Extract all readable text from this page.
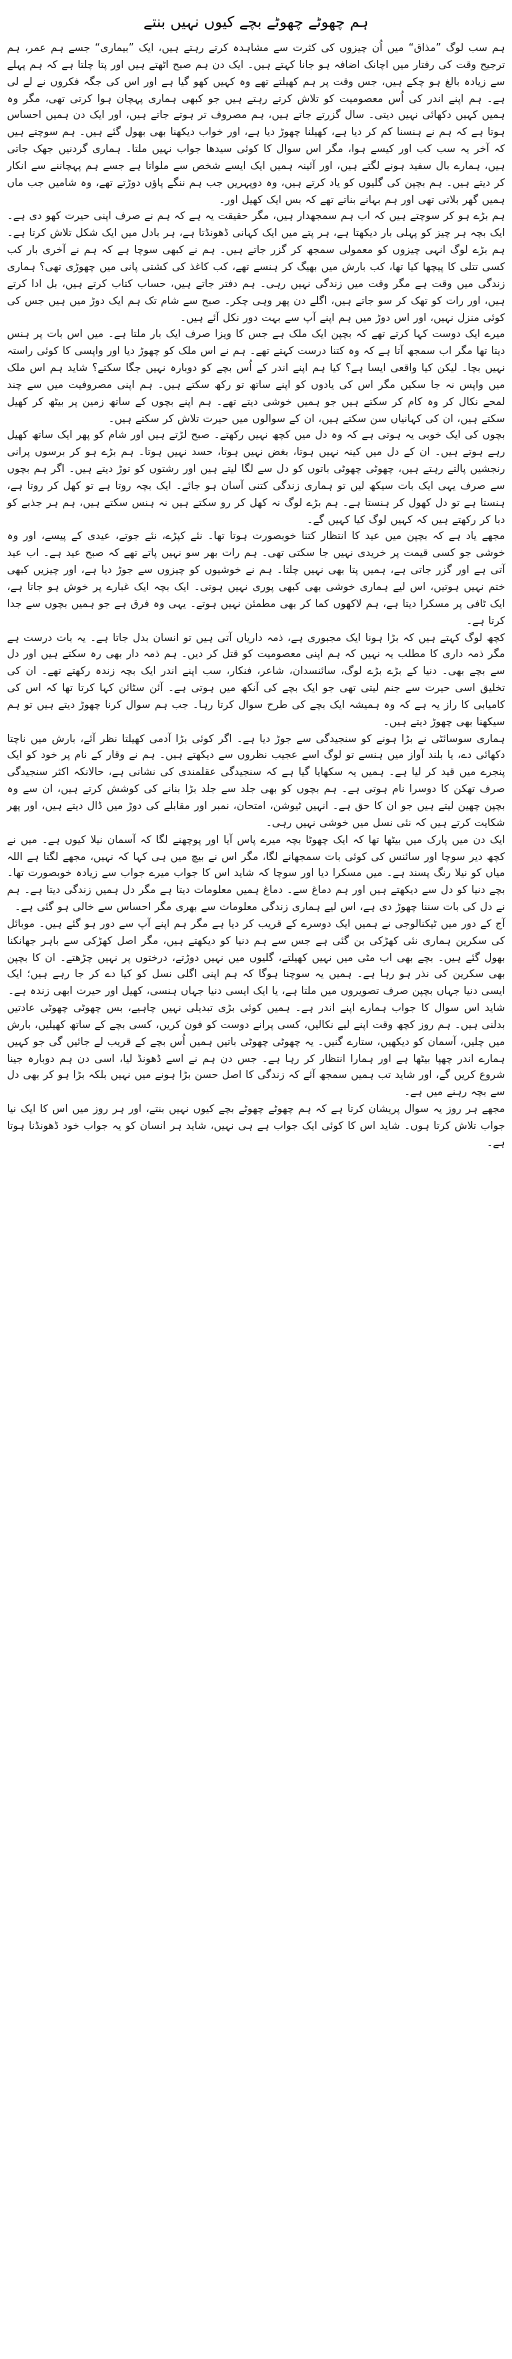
ہم چھوٹے چھوٹے بچے کیوں نہیں بنتے

ہم سب لوگ ”مذاق“ میں اُن چیزوں کی کثرت سے مشاہدہ کرتے رہتے ہیں، ایک ”بیماری“ جسے ہم عمر، ہم ترجیح وقت کی رفتار میں اچانک اضافہ ہو جانا کہتے ہیں۔ ایک دن ہم صبح اٹھتے ہیں اور پتا چلتا ہے کہ ہم پہلے سے زیادہ بالغ ہو چکے ہیں، جس وقت پر ہم کھیلتے تھے وہ کہیں کھو گیا ہے اور اس کی جگہ فکروں نے لے لی ہے۔ ہم اپنے اندر کی اُس معصومیت کو تلاش کرتے رہتے ہیں جو کبھی ہماری پہچان ہوا کرتی تھی، مگر وہ ہمیں کہیں دکھائی نہیں دیتی۔ سال گزرتے جاتے ہیں، ہم مصروف تر ہوتے جاتے ہیں، اور ایک دن ہمیں احساس ہوتا ہے کہ ہم نے ہنسنا کم کر دیا ہے، کھیلنا چھوڑ دیا ہے، اور خواب دیکھنا بھی بھول گئے ہیں۔ ہم سوچتے ہیں کہ آخر یہ سب کب اور کیسے ہوا، مگر اس سوال کا کوئی سیدھا جواب نہیں ملتا۔ ہماری گردنیں جھک جاتی ہیں، ہمارے بال سفید ہونے لگتے ہیں، اور آئینہ ہمیں ایک ایسے شخص سے ملواتا ہے جسے ہم پہچاننے سے انکار کر دیتے ہیں۔ ہم بچپن کی گلیوں کو یاد کرتے ہیں، وہ دوپہریں جب ہم ننگے پاؤں دوڑتے تھے، وہ شامیں جب ماں ہمیں گھر بلاتی تھی اور ہم بہانے بناتے تھے کہ بس ایک کھیل اور۔

ہم بڑے ہو کر سوچتے ہیں کہ اب ہم سمجھدار ہیں، مگر حقیقت یہ ہے کہ ہم نے صرف اپنی حیرت کھو دی ہے۔ ایک بچہ ہر چیز کو پہلی بار دیکھتا ہے، ہر پتے میں ایک کہانی ڈھونڈتا ہے، ہر بادل میں ایک شکل تلاش کرتا ہے۔ ہم بڑے لوگ انہی چیزوں کو معمولی سمجھ کر گزر جاتے ہیں۔ ہم نے کبھی سوچا ہے کہ ہم نے آخری بار کب کسی تتلی کا پیچھا کیا تھا، کب بارش میں بھیگ کر ہنسے تھے، کب کاغذ کی کشتی پانی میں چھوڑی تھی؟ ہماری زندگی میں وقت ہے مگر وقت میں زندگی نہیں رہی۔ ہم دفتر جاتے ہیں، حساب کتاب کرتے ہیں، بل ادا کرتے ہیں، اور رات کو تھک کر سو جاتے ہیں، اگلے دن پھر وہی چکر۔ صبح سے شام تک ہم ایک دوڑ میں ہیں جس کی کوئی منزل نہیں، اور اس دوڑ میں ہم اپنے آپ سے بہت دور نکل آئے ہیں۔

میرے ایک دوست کہا کرتے تھے کہ بچپن ایک ملک ہے جس کا ویزا صرف ایک بار ملتا ہے۔ میں اس بات پر ہنس دیتا تھا مگر اب سمجھ آتا ہے کہ وہ کتنا درست کہتے تھے۔ ہم نے اس ملک کو چھوڑ دیا اور واپسی کا کوئی راستہ نہیں بچا۔ لیکن کیا واقعی ایسا ہے؟ کیا ہم اپنے اندر کے اُس بچے کو دوبارہ نہیں جگا سکتے؟ شاید ہم اس ملک میں واپس نہ جا سکیں مگر اس کی یادوں کو اپنے ساتھ تو رکھ سکتے ہیں۔ ہم اپنی مصروفیت میں سے چند لمحے نکال کر وہ کام کر سکتے ہیں جو ہمیں خوشی دیتے تھے۔ ہم اپنے بچوں کے ساتھ زمین پر بیٹھ کر کھیل سکتے ہیں، ان کی کہانیاں سن سکتے ہیں، ان کے سوالوں میں حیرت تلاش کر سکتے ہیں۔

بچوں کی ایک خوبی یہ ہوتی ہے کہ وہ دل میں کچھ نہیں رکھتے۔ صبح لڑتے ہیں اور شام کو پھر ایک ساتھ کھیل رہے ہوتے ہیں۔ ان کے دل میں کینہ نہیں ہوتا، بغض نہیں ہوتا، حسد نہیں ہوتا۔ ہم بڑے ہو کر برسوں پرانی رنجشیں پالتے رہتے ہیں، چھوٹی چھوٹی باتوں کو دل سے لگا لیتے ہیں اور رشتوں کو توڑ دیتے ہیں۔ اگر ہم بچوں سے صرف یہی ایک بات سیکھ لیں تو ہماری زندگی کتنی آسان ہو جائے۔ ایک بچہ روتا ہے تو کھل کر روتا ہے، ہنستا ہے تو دل کھول کر ہنستا ہے۔ ہم بڑے لوگ نہ کھل کر رو سکتے ہیں نہ ہنس سکتے ہیں، ہم ہر جذبے کو دبا کر رکھتے ہیں کہ کہیں لوگ کیا کہیں گے۔

مجھے یاد ہے کہ بچپن میں عید کا انتظار کتنا خوبصورت ہوتا تھا۔ نئے کپڑے، نئے جوتے، عیدی کے پیسے، اور وہ خوشی جو کسی قیمت پر خریدی نہیں جا سکتی تھی۔ ہم رات بھر سو نہیں پاتے تھے کہ صبح عید ہے۔ اب عید آتی ہے اور گزر جاتی ہے، ہمیں پتا بھی نہیں چلتا۔ ہم نے خوشیوں کو چیزوں سے جوڑ دیا ہے، اور چیزیں کبھی ختم نہیں ہوتیں، اس لیے ہماری خوشی بھی کبھی پوری نہیں ہوتی۔ ایک بچہ ایک غبارے پر خوش ہو جاتا ہے، ایک ٹافی پر مسکرا دیتا ہے، ہم لاکھوں کما کر بھی مطمئن نہیں ہوتے۔ یہی وہ فرق ہے جو ہمیں بچوں سے جدا کرتا ہے۔

کچھ لوگ کہتے ہیں کہ بڑا ہونا ایک مجبوری ہے، ذمہ داریاں آتی ہیں تو انسان بدل جاتا ہے۔ یہ بات درست ہے مگر ذمہ داری کا مطلب یہ نہیں کہ ہم اپنی معصومیت کو قتل کر دیں۔ ہم ذمہ دار بھی رہ سکتے ہیں اور دل سے بچے بھی۔ دنیا کے بڑے بڑے لوگ، سائنسدان، شاعر، فنکار، سب اپنے اندر ایک بچہ زندہ رکھتے تھے۔ ان کی تخلیق اسی حیرت سے جنم لیتی تھی جو ایک بچے کی آنکھ میں ہوتی ہے۔ آئن سٹائن کہا کرتا تھا کہ اس کی کامیابی کا راز یہ ہے کہ وہ ہمیشہ ایک بچے کی طرح سوال کرتا رہا۔ جب ہم سوال کرنا چھوڑ دیتے ہیں تو ہم سیکھنا بھی چھوڑ دیتے ہیں۔

ہماری سوسائٹی نے بڑا ہونے کو سنجیدگی سے جوڑ دیا ہے۔ اگر کوئی بڑا آدمی کھیلتا نظر آئے، بارش میں ناچتا دکھائی دے، یا بلند آواز میں ہنسے تو لوگ اسے عجیب نظروں سے دیکھتے ہیں۔ ہم نے وقار کے نام پر خود کو ایک پنجرے میں قید کر لیا ہے۔ ہمیں یہ سکھایا گیا ہے کہ سنجیدگی عقلمندی کی نشانی ہے، حالانکہ اکثر سنجیدگی صرف تھکن کا دوسرا نام ہوتی ہے۔ ہم بچوں کو بھی جلد سے جلد بڑا بنانے کی کوشش کرتے ہیں، ان سے وہ بچپن چھین لیتے ہیں جو ان کا حق ہے۔ انہیں ٹیوشن، امتحان، نمبر اور مقابلے کی دوڑ میں ڈال دیتے ہیں، اور پھر شکایت کرتے ہیں کہ نئی نسل میں خوشی نہیں رہی۔

ایک دن میں پارک میں بیٹھا تھا کہ ایک چھوٹا بچہ میرے پاس آیا اور پوچھنے لگا کہ آسمان نیلا کیوں ہے۔ میں نے کچھ دیر سوچا اور سائنس کی کوئی بات سمجھانے لگا، مگر اس نے بیچ میں ہی کہا کہ نہیں، مجھے لگتا ہے اللہ میاں کو نیلا رنگ پسند ہے۔ میں مسکرا دیا اور سوچا کہ شاید اس کا جواب میرے جواب سے زیادہ خوبصورت تھا۔ بچے دنیا کو دل سے دیکھتے ہیں اور ہم دماغ سے۔ دماغ ہمیں معلومات دیتا ہے مگر دل ہمیں زندگی دیتا ہے۔ ہم نے دل کی بات سننا چھوڑ دی ہے، اس لیے ہماری زندگی معلومات سے بھری مگر احساس سے خالی ہو گئی ہے۔

آج کے دور میں ٹیکنالوجی نے ہمیں ایک دوسرے کے قریب کر دیا ہے مگر ہم اپنے آپ سے دور ہو گئے ہیں۔ موبائل کی سکرین ہماری نئی کھڑکی بن گئی ہے جس سے ہم دنیا کو دیکھتے ہیں، مگر اصل کھڑکی سے باہر جھانکنا بھول گئے ہیں۔ بچے بھی اب مٹی میں نہیں کھیلتے، گلیوں میں نہیں دوڑتے، درختوں پر نہیں چڑھتے۔ ان کا بچپن بھی سکرین کی نذر ہو رہا ہے۔ ہمیں یہ سوچنا ہوگا کہ ہم اپنی اگلی نسل کو کیا دے کر جا رہے ہیں؛ ایک ایسی دنیا جہاں بچپن صرف تصویروں میں ملتا ہے، یا ایک ایسی دنیا جہاں ہنسی، کھیل اور حیرت ابھی زندہ ہے۔

شاید اس سوال کا جواب ہمارے اپنے اندر ہے۔ ہمیں کوئی بڑی تبدیلی نہیں چاہیے، بس چھوٹی چھوٹی عادتیں بدلنی ہیں۔ ہم روز کچھ وقت اپنے لیے نکالیں، کسی پرانے دوست کو فون کریں، کسی بچے کے ساتھ کھیلیں، بارش میں چلیں، آسمان کو دیکھیں، ستارے گنیں۔ یہ چھوٹی چھوٹی باتیں ہمیں اُس بچے کے قریب لے جائیں گی جو کہیں ہمارے اندر چھپا بیٹھا ہے اور ہمارا انتظار کر رہا ہے۔ جس دن ہم نے اسے ڈھونڈ لیا، اسی دن ہم دوبارہ جینا شروع کریں گے، اور شاید تب ہمیں سمجھ آئے کہ زندگی کا اصل حسن بڑا ہونے میں نہیں بلکہ بڑا ہو کر بھی دل سے بچہ رہنے میں ہے۔

مجھے ہر روز یہ سوال پریشان کرتا ہے کہ ہم چھوٹے چھوٹے بچے کیوں نہیں بنتے، اور ہر روز میں اس کا ایک نیا جواب تلاش کرتا ہوں۔ شاید اس کا کوئی ایک جواب ہے ہی نہیں، شاید ہر انسان کو یہ جواب خود ڈھونڈنا ہوتا ہے۔
